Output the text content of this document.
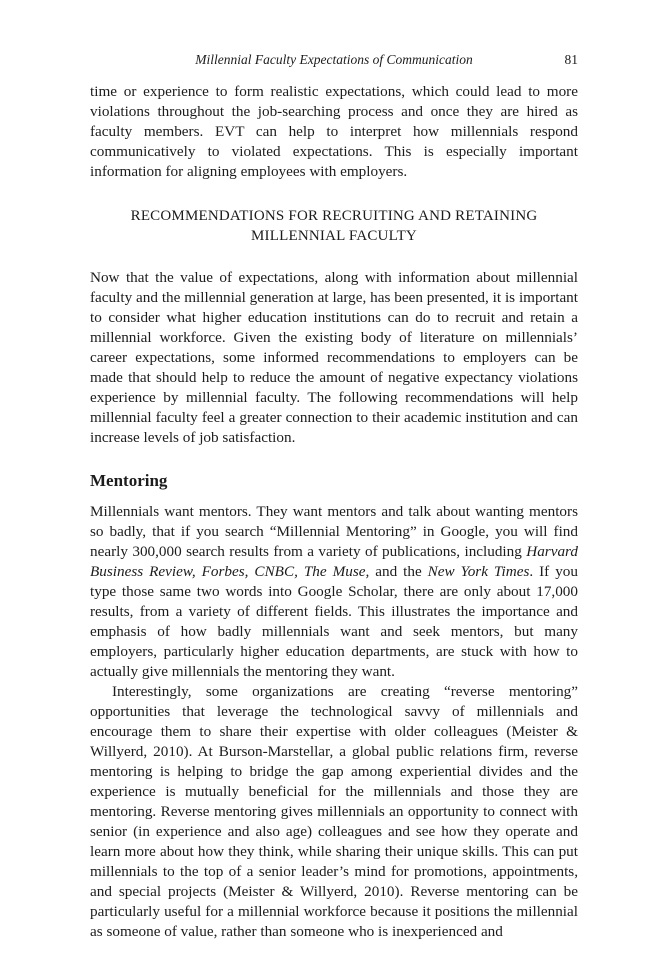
Millennial Faculty Expectations of Communication	81

time or experience to form realistic expectations, which could lead to more violations throughout the job-searching process and once they are hired as faculty members. EVT can help to interpret how millennials respond communicatively to violated expectations. This is especially important information for aligning employees with employers.

RECOMMENDATIONS FOR RECRUITING AND RETAINING
MILLENNIAL FACULTY

Now that the value of expectations, along with information about millennial faculty and the millennial generation at large, has been presented, it is important to consider what higher education institutions can do to recruit and retain a millennial workforce. Given the existing body of literature on millennials’ career expectations, some informed recommendations to employers can be made that should help to reduce the amount of negative expectancy violations experience by millennial faculty. The following recommendations will help millennial faculty feel a greater connection to their academic institution and can increase levels of job satisfaction.

Mentoring

Millennials want mentors. They want mentors and talk about wanting mentors so badly, that if you search “Millennial Mentoring” in Google, you will find nearly 300,000 search results from a variety of publications, including Harvard Business Review, Forbes, CNBC, The Muse, and the New York Times. If you type those same two words into Google Scholar, there are only about 17,000 results, from a variety of different fields. This illustrates the importance and emphasis of how badly millennials want and seek mentors, but many employers, particularly higher education departments, are stuck with how to actually give millennials the mentoring they want.

Interestingly, some organizations are creating “reverse mentoring” opportunities that leverage the technological savvy of millennials and encourage them to share their expertise with older colleagues (Meister & Willyerd, 2010). At Burson-Marstellar, a global public relations firm, reverse mentoring is helping to bridge the gap among experiential divides and the experience is mutually beneficial for the millennials and those they are mentoring. Reverse mentoring gives millennials an opportunity to connect with senior (in experience and also age) colleagues and see how they operate and learn more about how they think, while sharing their unique skills. This can put millennials to the top of a senior leader’s mind for promotions, appointments, and special projects (Meister & Willyerd, 2010). Reverse mentoring can be particularly useful for a millennial workforce because it positions the millennial as someone of value, rather than someone who is inexperienced and
